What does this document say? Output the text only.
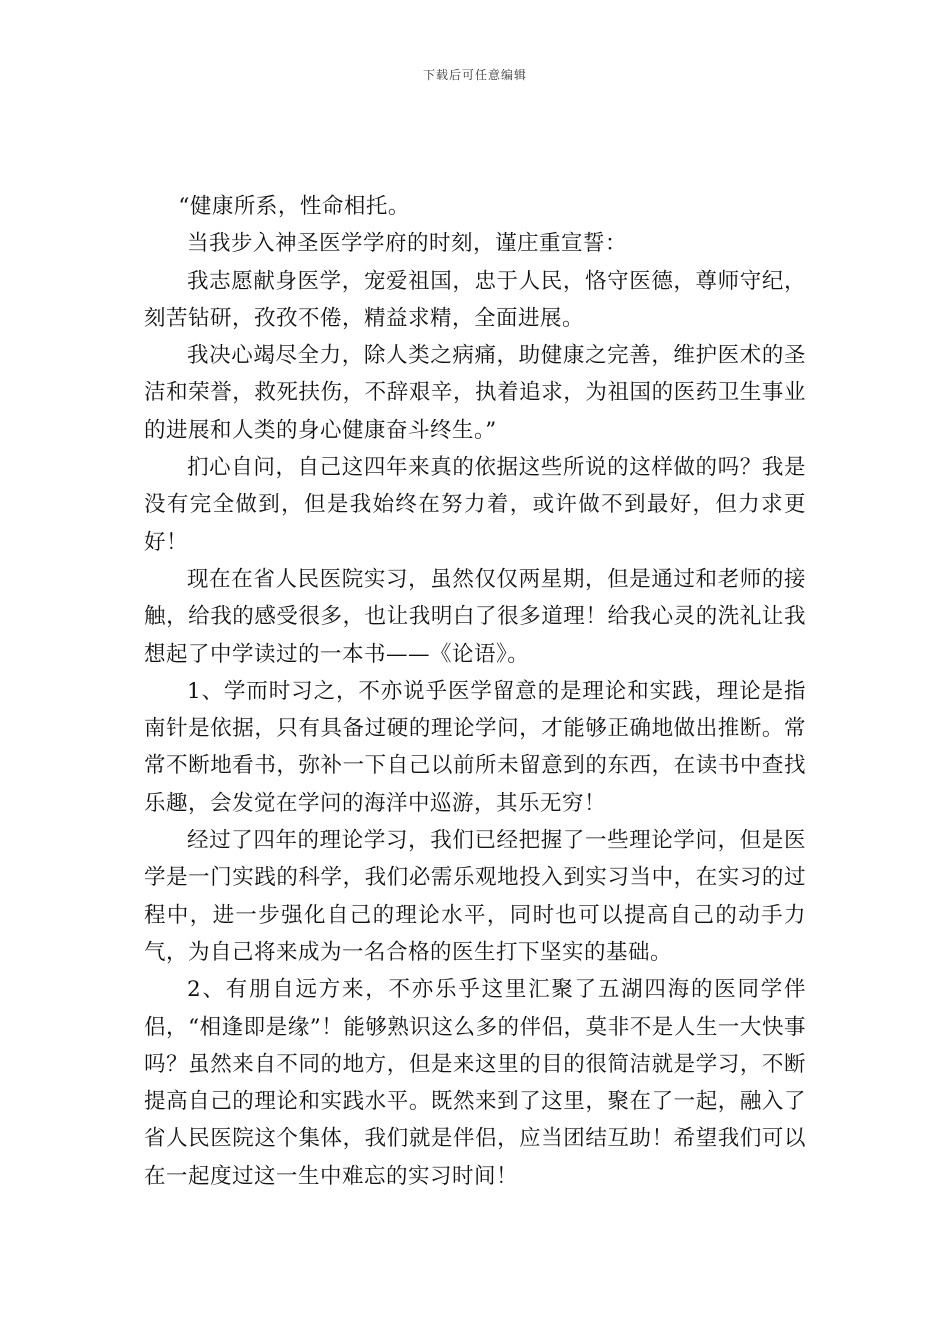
下载后可任意编辑

“健康所系，性命相托。

当我步入神圣医学学府的时刻，谨庄重宣誓：

我志愿献身医学，宠爱祖国，忠于人民，恪守医德，尊师守纪，刻苦钻研，孜孜不倦，精益求精，全面进展。

我决心竭尽全力，除人类之病痛，助健康之完善，维护医术的圣洁和荣誉，救死扶伤，不辞艰辛，执着追求，为祖国的医药卫生事业的进展和人类的身心健康奋斗终生。”

扪心自问，自己这四年来真的依据这些所说的这样做的吗？我是没有完全做到，但是我始终在努力着，或许做不到最好，但力求更好！

现在在省人民医院实习，虽然仅仅两星期，但是通过和老师的接触，给我的感受很多，也让我明白了很多道理！给我心灵的洗礼让我想起了中学读过的一本书——《论语》。

1、学而时习之，不亦说乎医学留意的是理论和实践，理论是指南针是依据，只有具备过硬的理论学问，才能够正确地做出推断。常常不断地看书，弥补一下自己以前所未留意到的东西，在读书中查找乐趣，会发觉在学问的海洋中巡游，其乐无穷！

经过了四年的理论学习，我们已经把握了一些理论学问，但是医学是一门实践的科学，我们必需乐观地投入到实习当中，在实习的过程中，进一步强化自己的理论水平，同时也可以提高自己的动手力气，为自己将来成为一名合格的医生打下坚实的基础。

2、有朋自远方来，不亦乐乎这里汇聚了五湖四海的医同学伴侣，“相逢即是缘”！能够熟识这么多的伴侣，莫非不是人生一大快事吗？虽然来自不同的地方，但是来这里的目的很简洁就是学习，不断提高自己的理论和实践水平。既然来到了这里，聚在了一起，融入了省人民医院这个集体，我们就是伴侣，应当团结互助！希望我们可以在一起度过这一生中难忘的实习时间！
